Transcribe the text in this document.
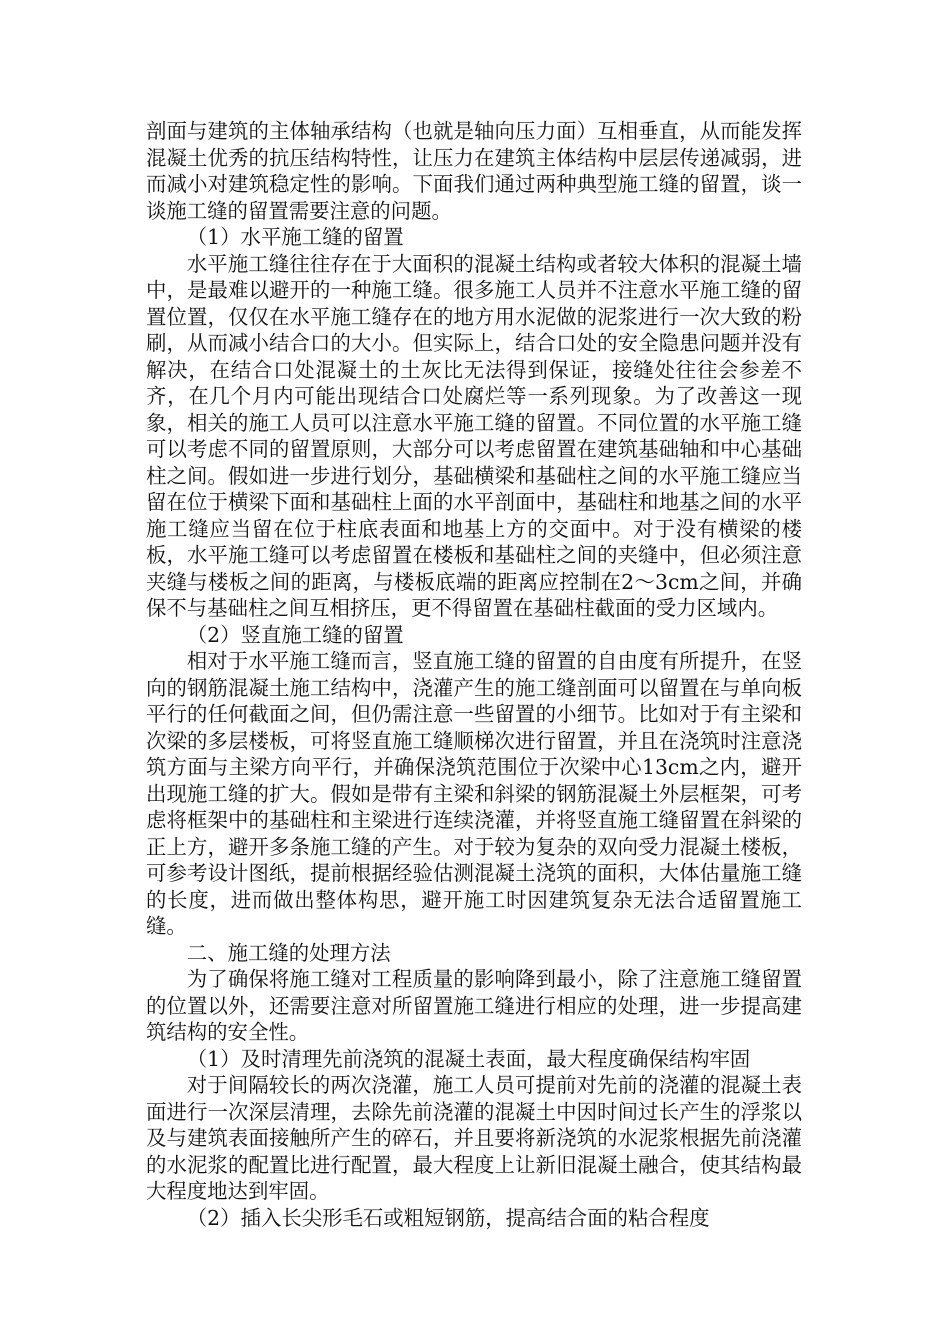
剖面与建筑的主体轴承结构（也就是轴向压力面）互相垂直，从而能发挥混凝土优秀的抗压结构特性，让压力在建筑主体结构中层层传递减弱，进而减小对建筑稳定性的影响。下面我们通过两种典型施工缝的留置，谈一谈施工缝的留置需要注意的问题。

（1）水平施工缝的留置

水平施工缝往往存在于大面积的混凝土结构或者较大体积的混凝土墙中，是最难以避开的一种施工缝。很多施工人员并不注意水平施工缝的留置位置，仅仅在水平施工缝存在的地方用水泥做的泥浆进行一次大致的粉刷，从而减小结合口的大小。但实际上，结合口处的安全隐患问题并没有解决，在结合口处混凝土的土灰比无法得到保证，接缝处往往会参差不齐，在几个月内可能出现结合口处腐烂等一系列现象。为了改善这一现象，相关的施工人员可以注意水平施工缝的留置。不同位置的水平施工缝可以考虑不同的留置原则，大部分可以考虑留置在建筑基础轴和中心基础柱之间。假如进一步进行划分，基础横梁和基础柱之间的水平施工缝应当留在位于横梁下面和基础柱上面的水平剖面中，基础柱和地基之间的水平施工缝应当留在位于柱底表面和地基上方的交面中。对于没有横梁的楼板，水平施工缝可以考虑留置在楼板和基础柱之间的夹缝中，但必须注意夹缝与楼板之间的距离，与楼板底端的距离应控制在2～3cm之间，并确保不与基础柱之间互相挤压，更不得留置在基础柱截面的受力区域内。

（2）竖直施工缝的留置

相对于水平施工缝而言，竖直施工缝的留置的自由度有所提升，在竖向的钢筋混凝土施工结构中，浇灌产生的施工缝剖面可以留置在与单向板平行的任何截面之间，但仍需注意一些留置的小细节。比如对于有主梁和次梁的多层楼板，可将竖直施工缝顺梯次进行留置，并且在浇筑时注意浇筑方面与主梁方向平行，并确保浇筑范围位于次梁中心13cm之内，避开出现施工缝的扩大。假如是带有主梁和斜梁的钢筋混凝土外层框架，可考虑将框架中的基础柱和主梁进行连续浇灌，并将竖直施工缝留置在斜梁的正上方，避开多条施工缝的产生。对于较为复杂的双向受力混凝土楼板，可参考设计图纸，提前根据经验估测混凝土浇筑的面积，大体估量施工缝的长度，进而做出整体构思，避开施工时因建筑复杂无法合适留置施工缝。

二、施工缝的处理方法

为了确保将施工缝对工程质量的影响降到最小，除了注意施工缝留置的位置以外，还需要注意对所留置施工缝进行相应的处理，进一步提高建筑结构的安全性。

（1）及时清理先前浇筑的混凝土表面，最大程度确保结构牢固

对于间隔较长的两次浇灌，施工人员可提前对先前的浇灌的混凝土表面进行一次深层清理，去除先前浇灌的混凝土中因时间过长产生的浮浆以及与建筑表面接触所产生的碎石，并且要将新浇筑的水泥浆根据先前浇灌的水泥浆的配置比进行配置，最大程度上让新旧混凝土融合，使其结构最大程度地达到牢固。

（2）插入长尖形毛石或粗短钢筋，提高结合面的粘合程度
